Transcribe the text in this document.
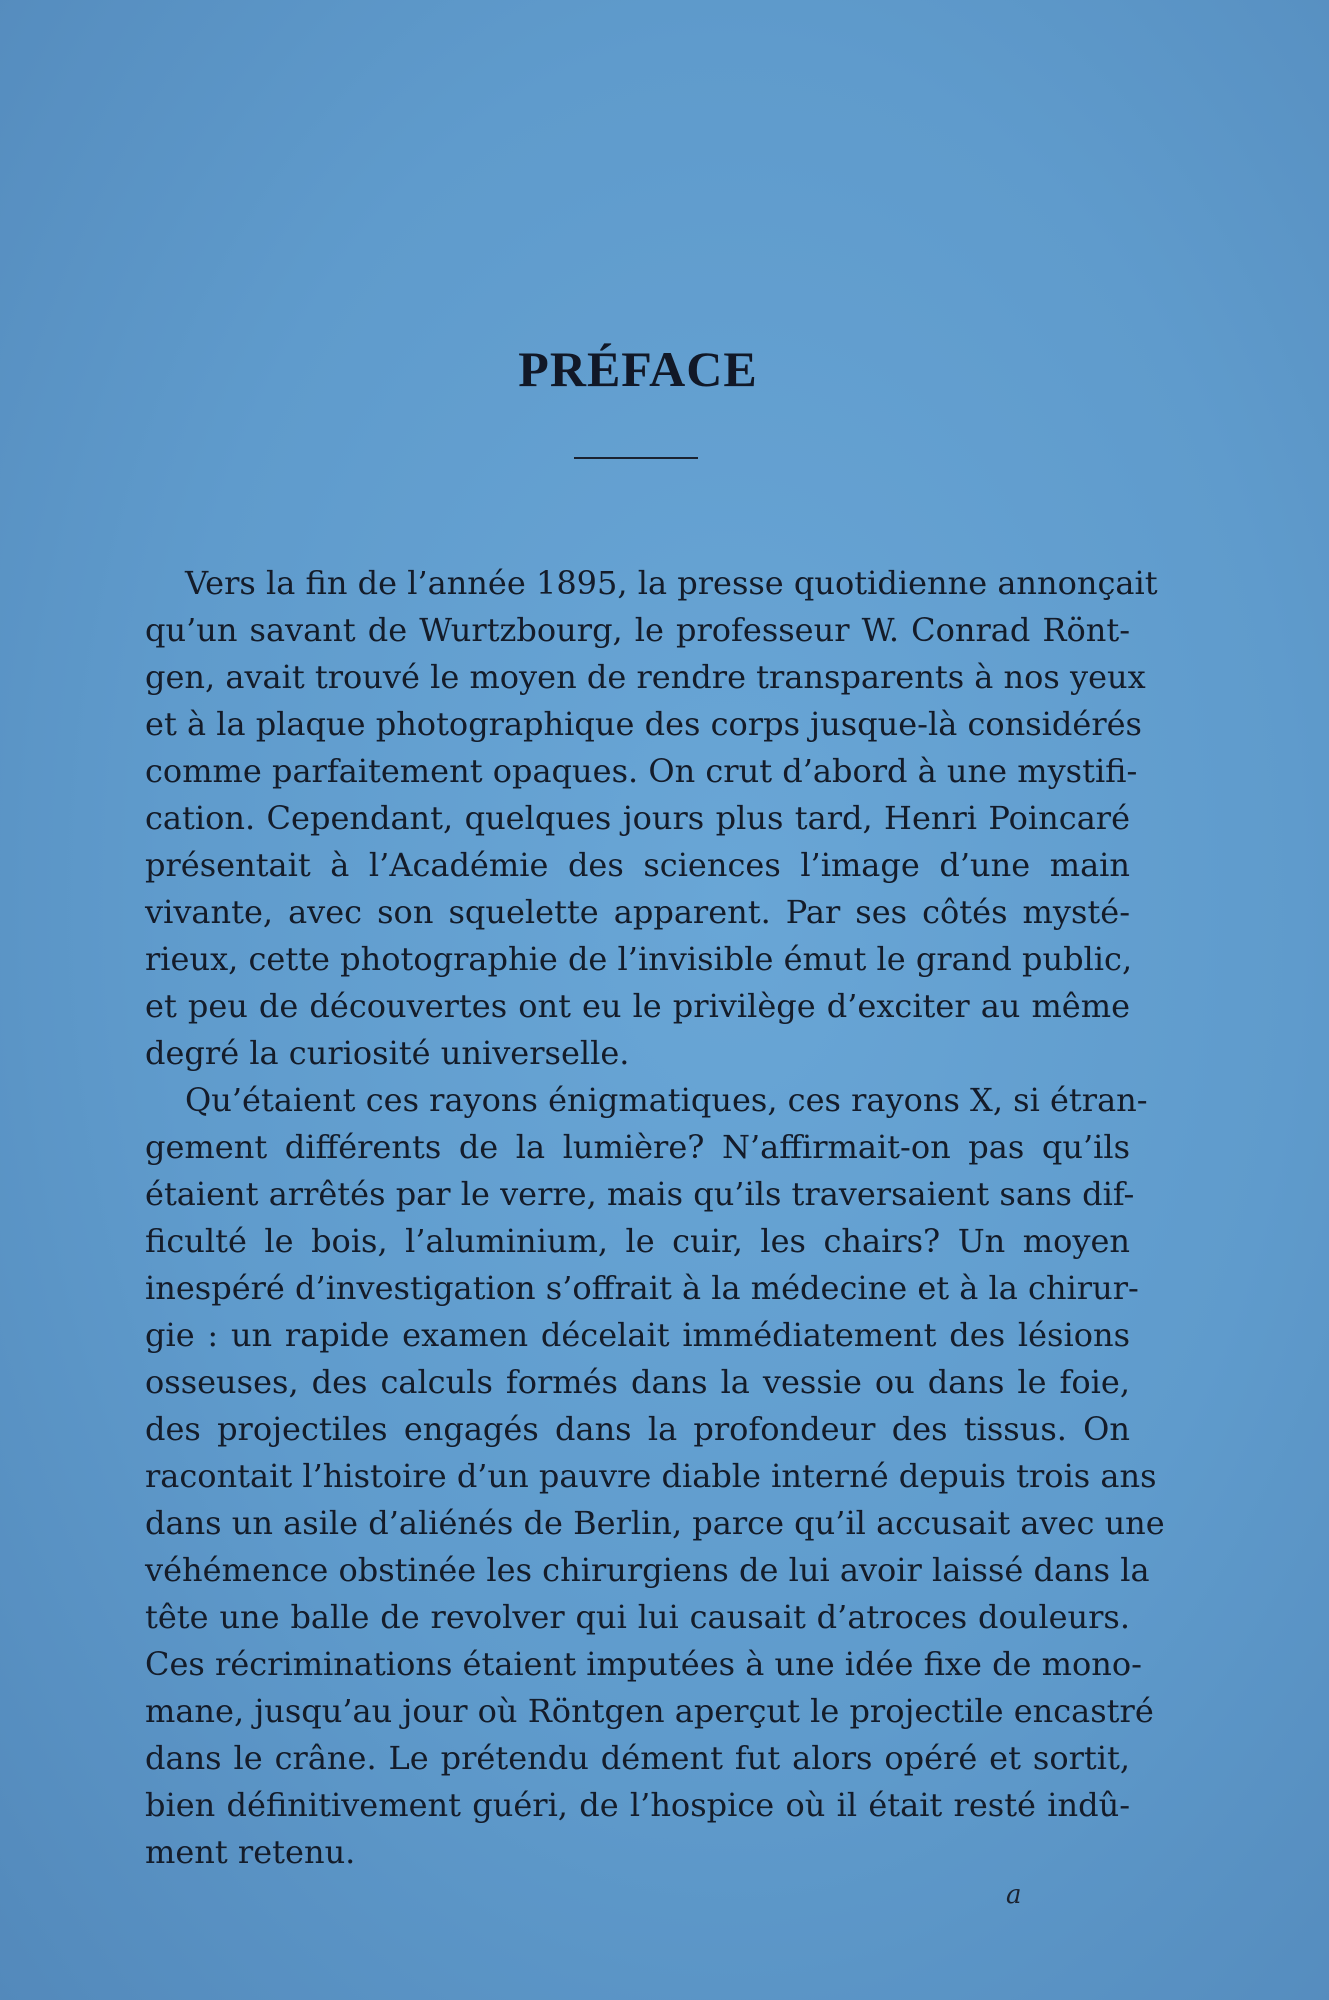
PRÉFACE
Vers la fin de l’année 1895, la presse quotidienne annonçait
qu’un savant de Wurtzbourg, le professeur W. Conrad Rönt-
gen, avait trouvé le moyen de rendre transparents à nos yeux
et à la plaque photographique des corps jusque-là considérés
comme parfaitement opaques. On crut d’abord à une mystifi-
cation. Cependant, quelques jours plus tard, Henri Poincaré
présentait à l’Académie des sciences l’image d’une main
vivante, avec son squelette apparent. Par ses côtés mysté-
rieux, cette photographie de l’invisible émut le grand public,
et peu de découvertes ont eu le privilège d’exciter au même
degré la curiosité universelle.
Qu’étaient ces rayons énigmatiques, ces rayons X, si étran-
gement différents de la lumière? N’affirmait-on pas qu’ils
étaient arrêtés par le verre, mais qu’ils traversaient sans dif-
ficulté le bois, l’aluminium, le cuir, les chairs? Un moyen
inespéré d’investigation s’offrait à la médecine et à la chirur-
gie : un rapide examen décelait immédiatement des lésions
osseuses, des calculs formés dans la vessie ou dans le foie,
des projectiles engagés dans la profondeur des tissus. On
racontait l’histoire d’un pauvre diable interné depuis trois ans
dans un asile d’aliénés de Berlin, parce qu’il accusait avec une
véhémence obstinée les chirurgiens de lui avoir laissé dans la
tête une balle de revolver qui lui causait d’atroces douleurs.
Ces récriminations étaient imputées à une idée fixe de mono-
mane, jusqu’au jour où Röntgen aperçut le projectile encastré
dans le crâne. Le prétendu dément fut alors opéré et sortit,
bien définitivement guéri, de l’hospice où il était resté indû-
ment retenu.
a
